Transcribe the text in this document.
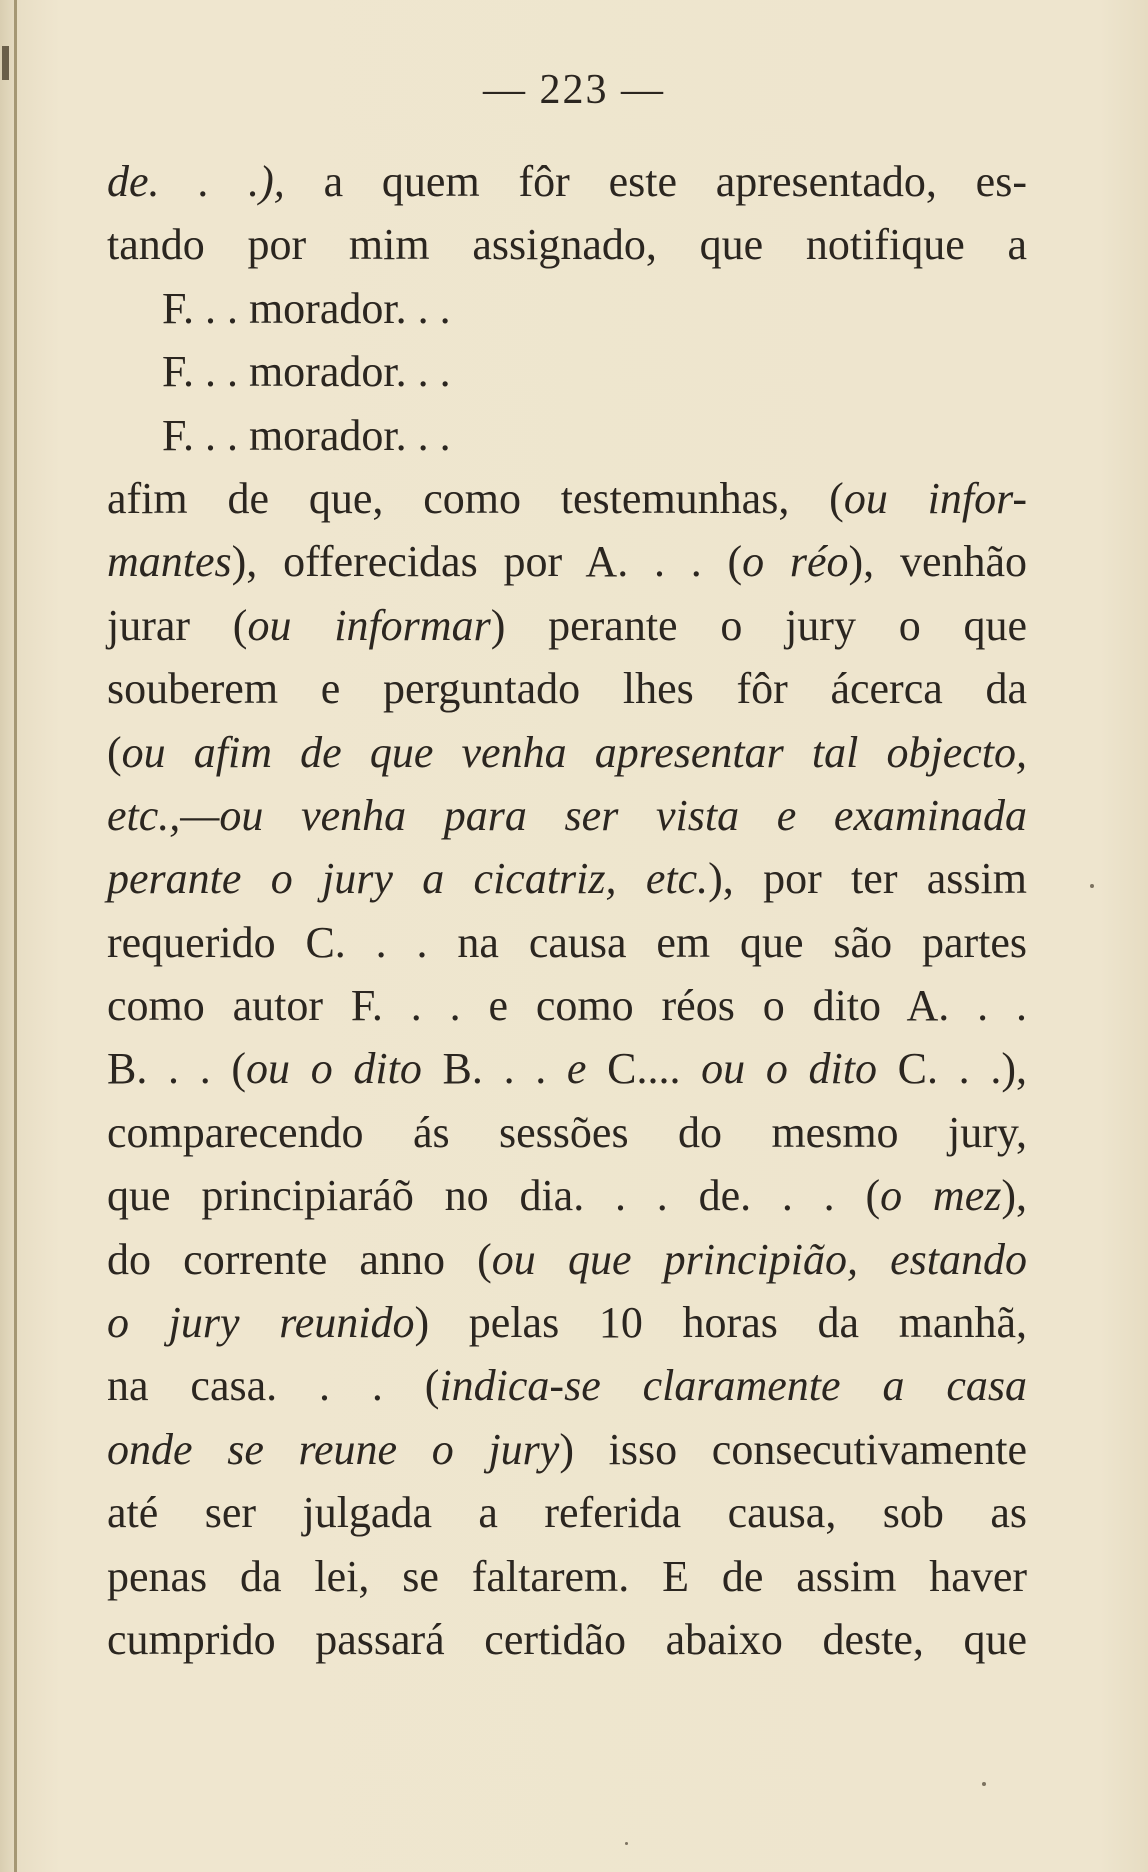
— 223 —
de. . .), a quem fôr este apresentado, es-
tando por mim assignado, que notifique a
F. . . morador. . .
F. . . morador. . .
F. . . morador. . .
afim de que, como testemunhas, (ou infor-
mantes), offerecidas por A. . . (o réo), venhão
jurar (ou informar) perante o jury o que
souberem e perguntado lhes fôr ácerca da
(ou afim de que venha apresentar tal objecto,
etc.,—ou venha para ser vista e examinada
perante o jury a cicatriz, etc.), por ter assim
requerido C. . . na causa em que são partes
como autor F. . . e como réos o dito A. . .
B. . . (ou o dito B. . . e C.... ou o dito C. . .),
comparecendo ás sessões do mesmo jury,
que principiaráõ no dia. . . de. . . (o mez),
do corrente anno (ou que principião, estando
o jury reunido) pelas 10 horas da manhã,
na casa. . . (indica-se claramente a casa
onde se reune o jury) isso consecutivamente
até ser julgada a referida causa, sob as
penas da lei, se faltarem. E de assim haver
cumprido passará certidão abaixo deste, que
